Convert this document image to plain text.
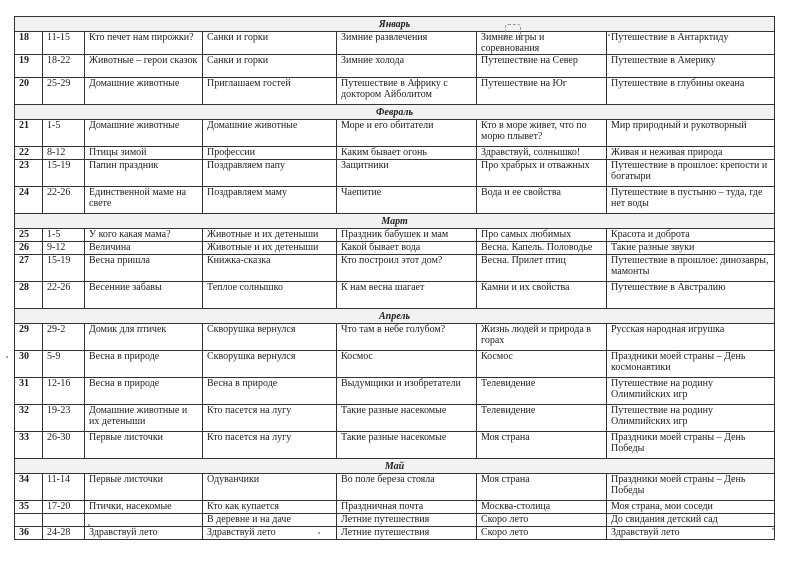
Январь						
18	11-15	Кто печет нам пирожки?	Санки и горки	Зимние развлечения	Зимние игры и соревнования	Путешествие в Антарктиду
19	18-22	Животные – герои сказок	Санки и горки	Зимние холода	Путешествие на Север	Путешествие в Америку
20	25-29	Домашние животные	Приглашаем гостей	Путешествие в Африку с доктором Айболитом	Путешествие на Юг	Путешествие в глубины океана
Февраль						
21	1-5	Домашние животные	Домашние животные	Море и его обитатели	Кто в море живет, что по морю плывет?	Мир природный и рукотворный
22	8-12	Птицы зимой	Профессии	Каким бывает огонь	Здравствуй, солнышко!	Живая и неживая природа
23	15-19	Папин праздник	Поздравляем папу	Защитники	Про храбрых и отважных	Путешествие в прошлое: крепости и богатыри
24	22-26	Единственной маме на свете	Поздравляем маму	Чаепитие	Вода и ее свойства	Путешествие в пустыню – туда, где нет воды
Март						
25	1-5	У кого какая мама?	Животные и их детеныши	Праздник бабушек и мам	Про самых любимых	Красота и доброта
26	9-12	Величина	Животные и их детеныши	Какой бывает вода	Весна. Капель. Половодье	Такие разные звуки
27	15-19	Весна пришла	Книжка-сказка	Кто построил этот дом?	Весна. Прилет птиц	Путешествие в прошлое: динозавры, мамонты
28	22-26	Весенние забавы	Теплое солнышко	К нам весна шагает	Камни и их свойства	Путешествие в Австралию
Апрель						
29	29-2	Домик для птичек	Скворушка вернулся	Что там в небе голубом?	Жизнь людей и природа в горах	Русская народная игрушка
30	5-9	Весна в природе	Скворушка вернулся	Космос	Космос	Праздники моей страны – День космонавтики
31	12-16	Весна в природе	Весна в природе	Выдумщики и изобретатели	Телевидение	Путешествие на родину Олимпийских игр
32	19-23	Домашние животные и их детеныши	Кто пасется на лугу	Такие разные насекомые	Телевидение	Путешествие на родину Олимпийских игр
33	26-30	Первые листочки	Кто пасется на лугу	Такие разные насекомые	Моя страна	Праздники моей страны – День Победы
Май						
34	11-14	Первые листочки	Одуванчики	Во поле береза стояла	Моя страна	Праздники моей страны – День Победы
35	17-20	Птички, насекомые	Кто как купается	Праздничная почта	Москва-столица	Моя страна, мои соседи
			В деревне и на даче	Летние путешествия	Скоро лето	До свидания детский сад
36	24-28	Здравствуй лето	Здравствуй лето	Летние путешествия	Скоро лето	Здравствуй лето
